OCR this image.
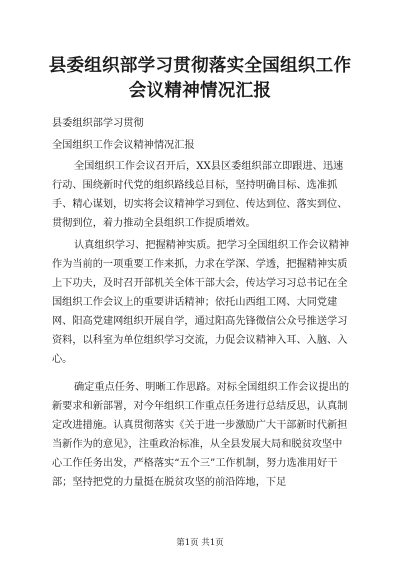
县委组织部学习贯彻落实全国组织工作会议精神情况汇报
县委组织部学习贯彻
全国组织工作会议精神情况汇报
全国组织工作会议召开后，XX县区委组织部立即跟进、迅速行动、围绕新时代党的组织路线总目标，坚持明确目标、选准抓手、精心谋划，切实将会议精神学习到位、传达到位、落实到位、贯彻到位，着力推动全县组织工作提质增效。
认真组织学习、把握精神实质。把学习全国组织工作会议精神作为当前的一项重要工作来抓，力求在学深、学透，把握精神实质上下功夫，及时召开部机关全体干部大会，传达学习习总书记在全国组织工作会议上的重要讲话精神；依托山西组工网、大同党建网、阳高党建网组织开展自学，通过阳高先锋微信公众号推送学习资料，以科室为单位组织学习交流，力促会议精神入耳、入脑、入心。
确定重点任务、明晰工作思路。对标全国组织工作会议提出的新要求和新部署，对今年组织工作重点任务进行总结反思，认真制定改进措施。认真贯彻落实《关于进一步激励广大干部新时代新担当新作为的意见》，注重政治标准，从全县发展大局和脱贫攻坚中心工作任务出发，严格落实“五个三”工作机制，努力选准用好干部；坚持把党的力量挺在脱贫攻坚的前沿阵地，下足
第1页 共1页
